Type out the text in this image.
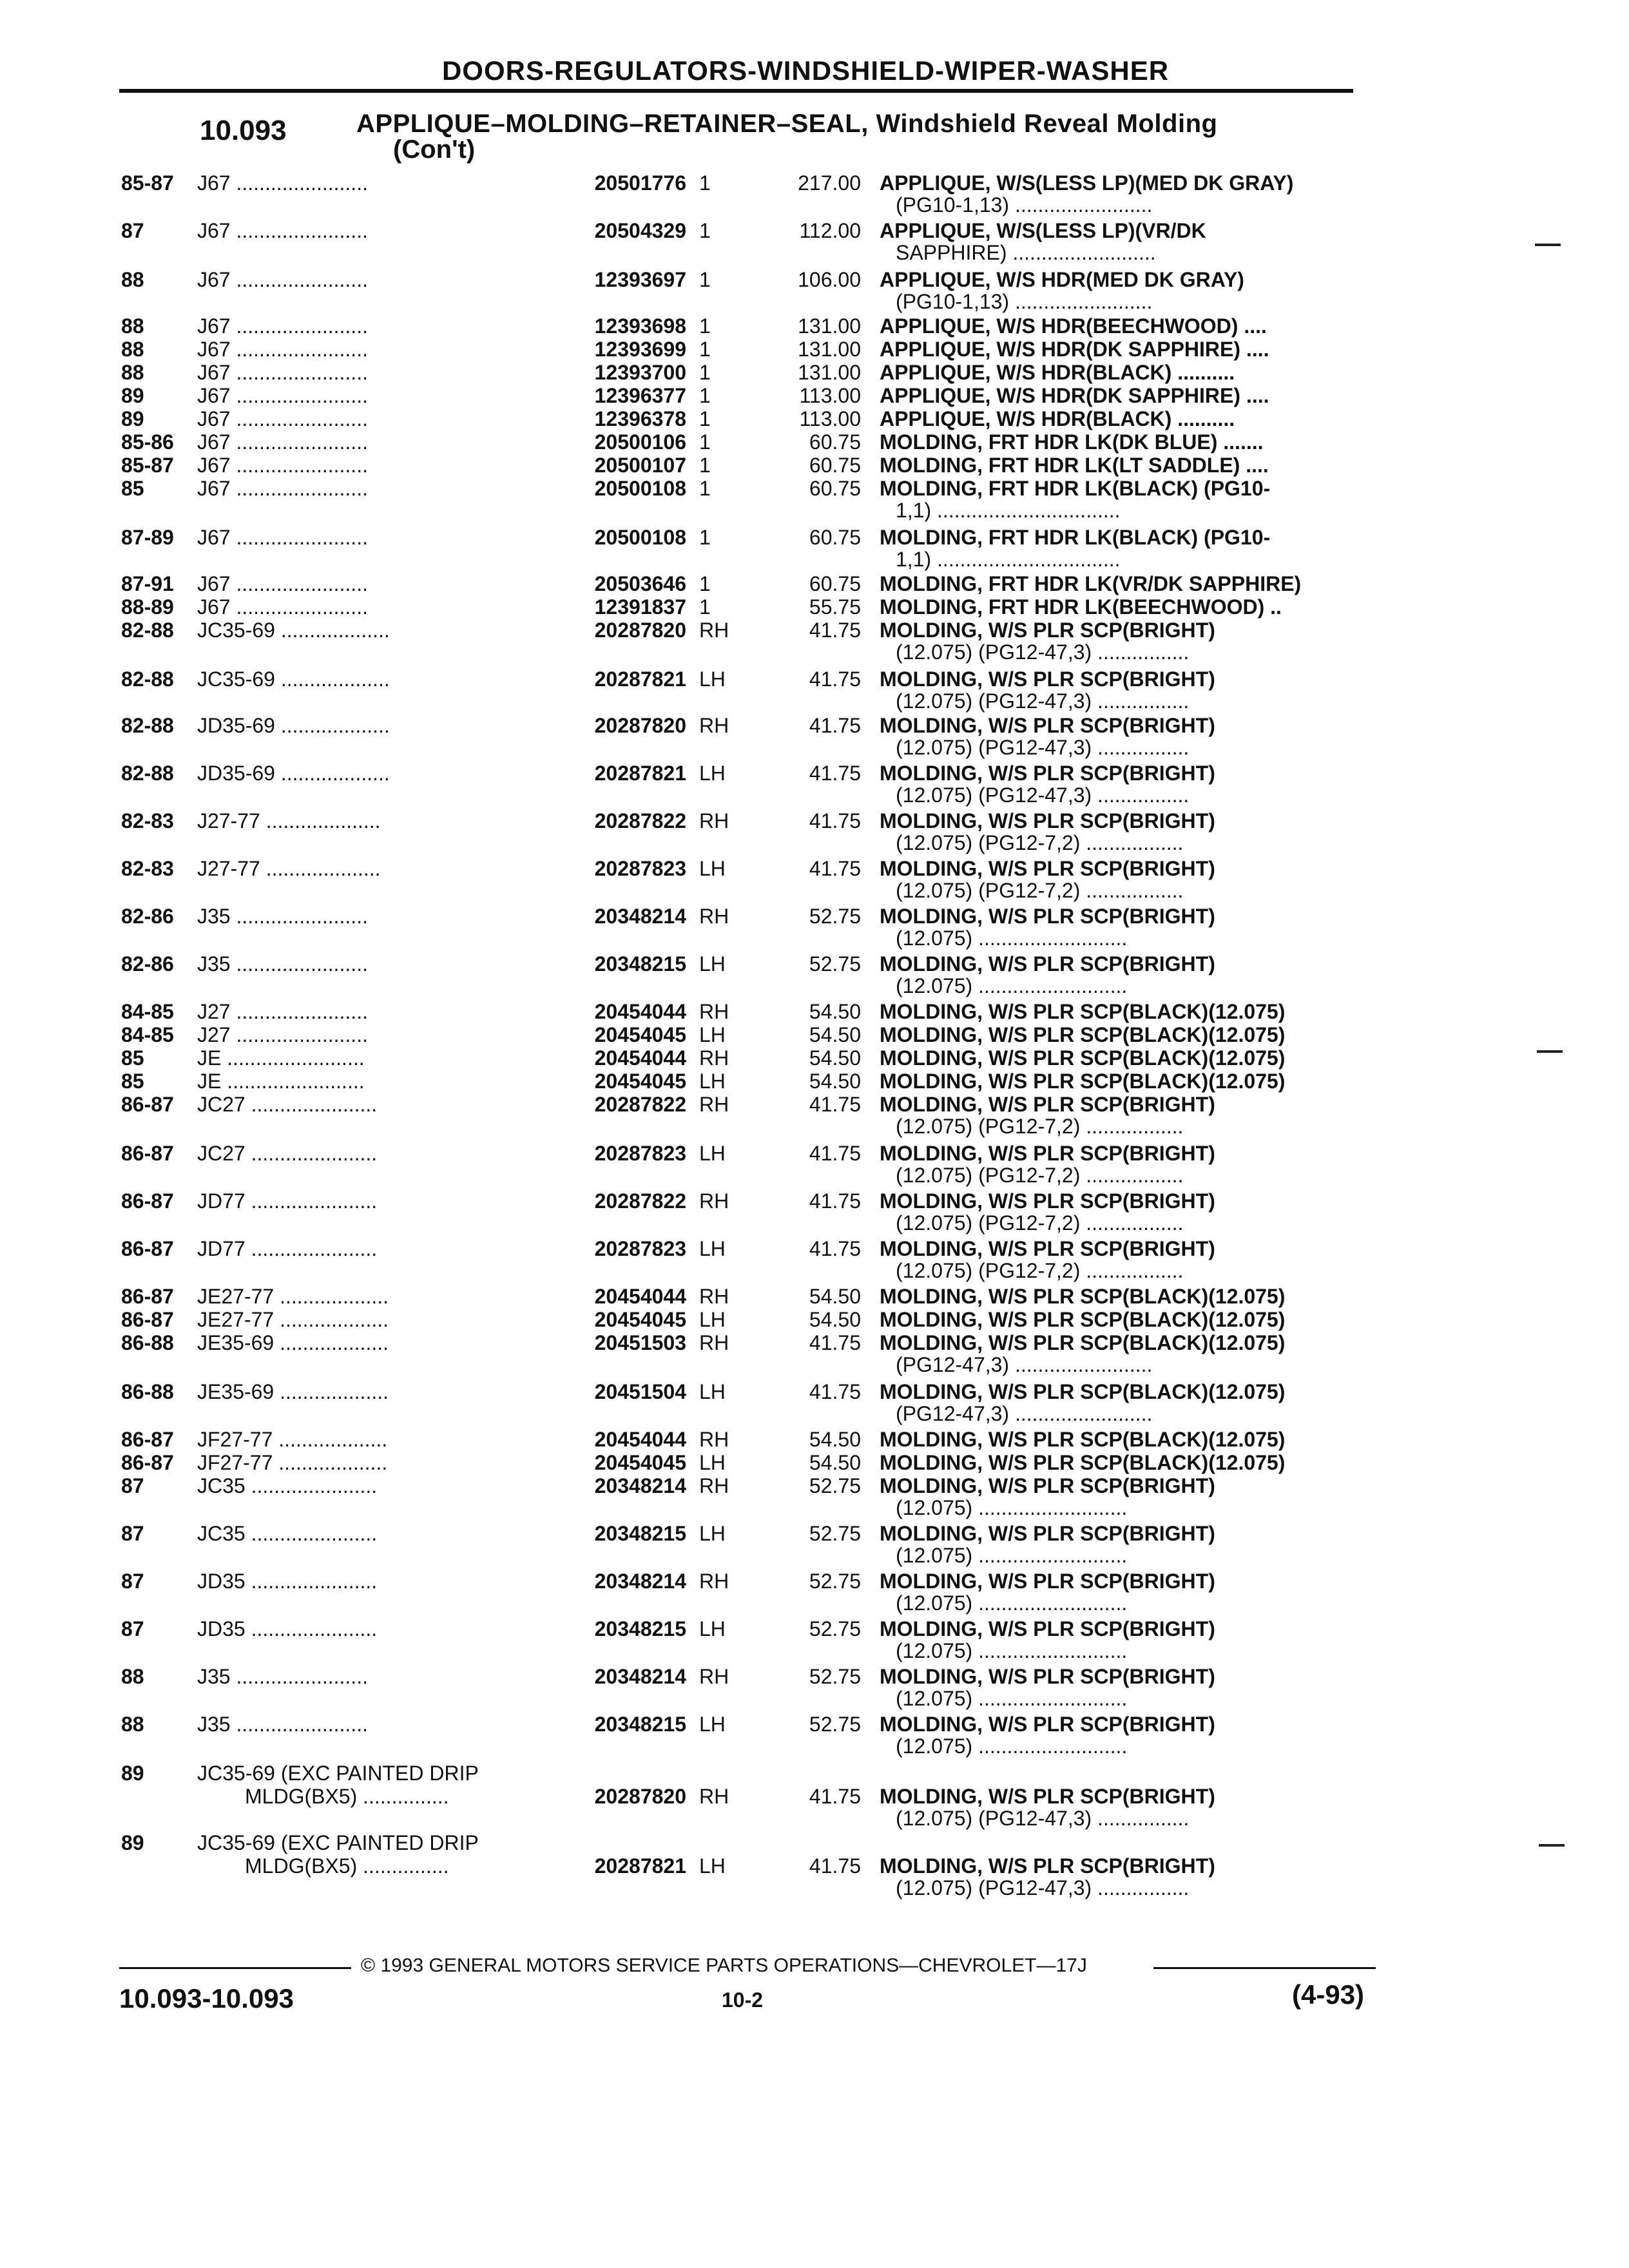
DOORS-REGULATORS-WINDSHIELD-WIPER-WASHER
10.093	APPLIQUE–MOLDING–RETAINER–SEAL, Windshield Reveal Molding
(Con't)
85-87 J67 .......................	20501776 1	217.00 APPLIQUE, W/S(LESS LP)(MED DK GRAY)
(PG10-1,13) ........................
87	J67 .......................	20504329 1	112.00 APPLIQUE, W/S(LESS LP)(VR/DK
SAPPHIRE) .........................
88	J67 .......................	12393697 1	106.00 APPLIQUE, W/S HDR(MED DK GRAY)
(PG10-1,13) ........................
88	J67 .......................	12393698 1	131.00 APPLIQUE, W/S HDR(BEECHWOOD) ....
88	J67 .......................	12393699 1	131.00 APPLIQUE, W/S HDR(DK SAPPHIRE) ....
88	J67 .......................	12393700 1	131.00 APPLIQUE, W/S HDR(BLACK) ..........
89	J67 .......................	12396377 1	113.00 APPLIQUE, W/S HDR(DK SAPPHIRE) ....
89	J67 .......................	12396378 1	113.00 APPLIQUE, W/S HDR(BLACK) ..........
85-86 J67 .......................	20500106 1	60.75 MOLDING, FRT HDR LK(DK BLUE) .......
85-87 J67 .......................	20500107 1	60.75 MOLDING, FRT HDR LK(LT SADDLE) ....
85	J67 .......................	20500108 1	60.75 MOLDING, FRT HDR LK(BLACK) (PG10-
1,1) ................................
87-89 J67 .......................	20500108 1	60.75 MOLDING, FRT HDR LK(BLACK) (PG10-
1,1) ................................
87-91 J67 .......................	20503646 1	60.75 MOLDING, FRT HDR LK(VR/DK SAPPHIRE)
88-89 J67 .......................	12391837 1	55.75 MOLDING, FRT HDR LK(BEECHWOOD) ..
82-88 JC35-69 ...................	20287820 RH	41.75 MOLDING, W/S PLR SCP(BRIGHT)
(12.075) (PG12-47,3) ................
82-88 JC35-69 ...................	20287821 LH	41.75 MOLDING, W/S PLR SCP(BRIGHT)
(12.075) (PG12-47,3) ................
82-88 JD35-69 ...................	20287820 RH	41.75 MOLDING, W/S PLR SCP(BRIGHT)
(12.075) (PG12-47,3) ................
82-88 JD35-69 ...................	20287821 LH	41.75 MOLDING, W/S PLR SCP(BRIGHT)
(12.075) (PG12-47,3) ................
82-83 J27-77 ....................	20287822 RH	41.75 MOLDING, W/S PLR SCP(BRIGHT)
(12.075) (PG12-7,2) .................
82-83 J27-77 ....................	20287823 LH	41.75 MOLDING, W/S PLR SCP(BRIGHT)
(12.075) (PG12-7,2) .................
82-86 J35 .......................	20348214 RH	52.75 MOLDING, W/S PLR SCP(BRIGHT)
(12.075) ..........................
82-86 J35 .......................	20348215 LH	52.75 MOLDING, W/S PLR SCP(BRIGHT)
(12.075) ..........................
84-85 J27 .......................	20454044 RH	54.50 MOLDING, W/S PLR SCP(BLACK)(12.075)
84-85 J27 .......................	20454045 LH	54.50 MOLDING, W/S PLR SCP(BLACK)(12.075)
85	JE ........................	20454044 RH	54.50 MOLDING, W/S PLR SCP(BLACK)(12.075)
85	JE ........................	20454045 LH	54.50 MOLDING, W/S PLR SCP(BLACK)(12.075)
86-87 JC27 ......................	20287822 RH	41.75 MOLDING, W/S PLR SCP(BRIGHT)
(12.075) (PG12-7,2) .................
86-87 JC27 ......................	20287823 LH	41.75 MOLDING, W/S PLR SCP(BRIGHT)
(12.075) (PG12-7,2) .................
86-87 JD77 ......................	20287822 RH	41.75 MOLDING, W/S PLR SCP(BRIGHT)
(12.075) (PG12-7,2) .................
86-87 JD77 ......................	20287823 LH	41.75 MOLDING, W/S PLR SCP(BRIGHT)
(12.075) (PG12-7,2) .................
86-87 JE27-77 ...................	20454044 RH	54.50 MOLDING, W/S PLR SCP(BLACK)(12.075)
86-87 JE27-77 ...................	20454045 LH	54.50 MOLDING, W/S PLR SCP(BLACK)(12.075)
86-88 JE35-69 ...................	20451503 RH	41.75 MOLDING, W/S PLR SCP(BLACK)(12.075)
(PG12-47,3) ........................
86-88 JE35-69 ...................	20451504 LH	41.75 MOLDING, W/S PLR SCP(BLACK)(12.075)
(PG12-47,3) ........................
86-87 JF27-77 ...................	20454044 RH	54.50 MOLDING, W/S PLR SCP(BLACK)(12.075)
86-87 JF27-77 ...................	20454045 LH	54.50 MOLDING, W/S PLR SCP(BLACK)(12.075)
87	JC35 ......................	20348214 RH	52.75 MOLDING, W/S PLR SCP(BRIGHT)
(12.075) ..........................
87	JC35 ......................	20348215 LH	52.75 MOLDING, W/S PLR SCP(BRIGHT)
(12.075) ..........................
87	JD35 ......................	20348214 RH	52.75 MOLDING, W/S PLR SCP(BRIGHT)
(12.075) ..........................
87	JD35 ......................	20348215 LH	52.75 MOLDING, W/S PLR SCP(BRIGHT)
(12.075) ..........................
88	J35 .......................	20348214 RH	52.75 MOLDING, W/S PLR SCP(BRIGHT)
(12.075) ..........................
88	J35 .......................	20348215 LH	52.75 MOLDING, W/S PLR SCP(BRIGHT)
(12.075) ..........................
89	JC35-69 (EXC PAINTED DRIP
MLDG(BX5) ...............	20287820 RH	41.75 MOLDING, W/S PLR SCP(BRIGHT)
(12.075) (PG12-47,3) ................
89	JC35-69 (EXC PAINTED DRIP
MLDG(BX5) ...............	20287821 LH	41.75 MOLDING, W/S PLR SCP(BRIGHT)
(12.075) (PG12-47,3) ................
© 1993 GENERAL MOTORS SERVICE PARTS OPERATIONS—CHEVROLET—17J
10.093-10.093	10-2	(4-93)
